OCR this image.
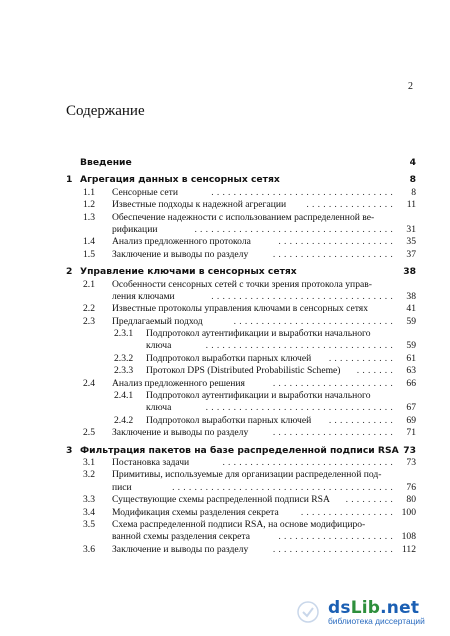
2
Содержание
Введение	4
1 Агрегация данных в сенсорных сетях	8
1.1 Сенсорные сети	................................. 8
1.2 Известные подходы к надежной агрегации ................ 11
1.3 Обеспечение надежности с использованием распределенной ве-
рификации	.................................... 31
1.4 Анализ предложенного протокола	..................... 35
1.5 Заключение и выводы по разделу	...................... 37
2 Управление ключами в сенсорных сетях	38
2.1 Особенности сенсорных сетей с точки зрения протокола управ-
ления ключами	................................. 38
2.2 Известные протоколы управления ключами в сенсорных сетях	41
2.3 Предлагаемый подход	............................. 59
2.3.1 Подпротокол аутентификации и выработки начального
ключа	.................................. 59
2.3.2 Подпротокол выработки парных ключей ............ 61
2.3.3 Протокол DPS (Distributed Probabilistic Scheme) ....... 63
2.4 Анализ предложенного решения	...................... 66
2.4.1 Подпротокол аутентификации и выработки начального
ключа	.................................. 67
2.4.2 Подпротокол выработки парных ключей ............ 69
2.5 Заключение и выводы по разделу	...................... 71
3 Фильтрация пакетов на базе распределенной подписи RSA 73
3.1 Постановка задачи	............................... 73
3.2 Примитивы, используемые для организации распределенной под-
писи	........................................ 76
3.3 Существующие схемы распределенной подписи RSA ......... 80
3.4 Модификация схемы разделения секрета ................. 100
3.5 Схема распределенной подписи RSA, на основе модифициро-
ванной схемы разделения секрета	..................... 108
3.6 Заключение и выводы по разделу	...................... 112
dsLib.net
библиотека диссертаций
